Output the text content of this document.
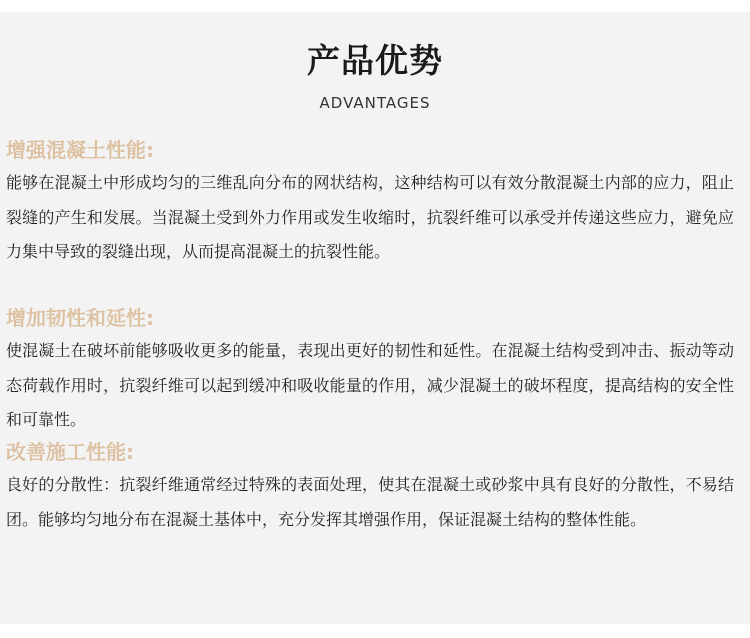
产品优势
ADVANTAGES
增强混凝土性能:
能够在混凝土中形成均匀的三维乱向分布的网状结构，这种结构可以有效分散混凝土内部的应力，阻止裂缝的产生和发展。当混凝土受到外力作用或发生收缩时，抗裂纤维可以承受并传递这些应力，避免应力集中导致的裂缝出现，从而提高混凝土的抗裂性能。
增加韧性和延性:
使混凝土在破坏前能够吸收更多的能量，表现出更好的韧性和延性。在混凝土结构受到冲击、振动等动态荷载作用时，抗裂纤维可以起到缓冲和吸收能量的作用，减少混凝土的破坏程度，提高结构的安全性和可靠性。
改善施工性能:
良好的分散性：抗裂纤维通常经过特殊的表面处理，使其在混凝土或砂浆中具有良好的分散性，不易结团。能够均匀地分布在混凝土基体中，充分发挥其增强作用，保证混凝土结构的整体性能。
